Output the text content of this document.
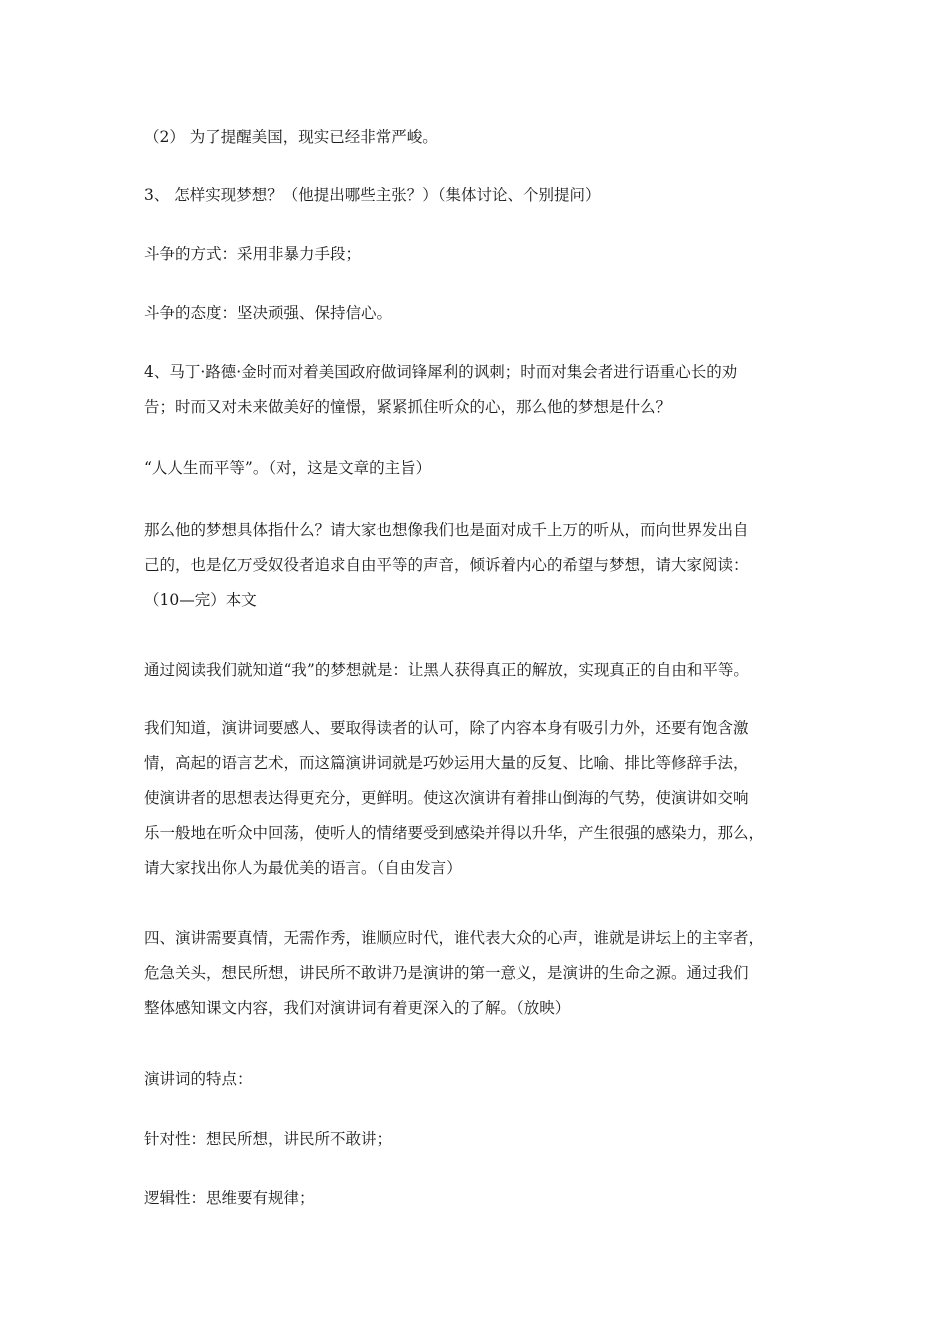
（2） 为了提醒美国，现实已经非常严峻。

3、 怎样实现梦想？（他提出哪些主张？）（集体讨论、个别提问）

斗争的方式：采用非暴力手段；

斗争的态度：坚决顽强、保持信心。

4、马丁·路德·金时而对着美国政府做词锋犀利的讽刺；时而对集会者进行语重心长的劝
告；时而又对未来做美好的憧憬，紧紧抓住听众的心，那么他的梦想是什么？

“人人生而平等”。（对，这是文章的主旨）

那么他的梦想具体指什么？请大家也想像我们也是面对成千上万的听从，而向世界发出自
己的，也是亿万受奴役者追求自由平等的声音，倾诉着内心的希望与梦想，请大家阅读：
（10—完）本文

通过阅读我们就知道“我”的梦想就是：让黑人获得真正的解放，实现真正的自由和平等。

我们知道，演讲词要感人、要取得读者的认可，除了内容本身有吸引力外，还要有饱含激
情，高起的语言艺术，而这篇演讲词就是巧妙运用大量的反复、比喻、排比等修辞手法，
使演讲者的思想表达得更充分，更鲜明。使这次演讲有着排山倒海的气势，使演讲如交响
乐一般地在听众中回荡，使听人的情绪要受到感染并得以升华，产生很强的感染力，那么，
请大家找出你人为最优美的语言。（自由发言）

四、演讲需要真情，无需作秀，谁顺应时代，谁代表大众的心声，谁就是讲坛上的主宰者，
危急关头，想民所想，讲民所不敢讲乃是演讲的第一意义，是演讲的生命之源。通过我们
整体感知课文内容，我们对演讲词有着更深入的了解。（放映）

演讲词的特点：

针对性：想民所想，讲民所不敢讲；

逻辑性：思维要有规律；
